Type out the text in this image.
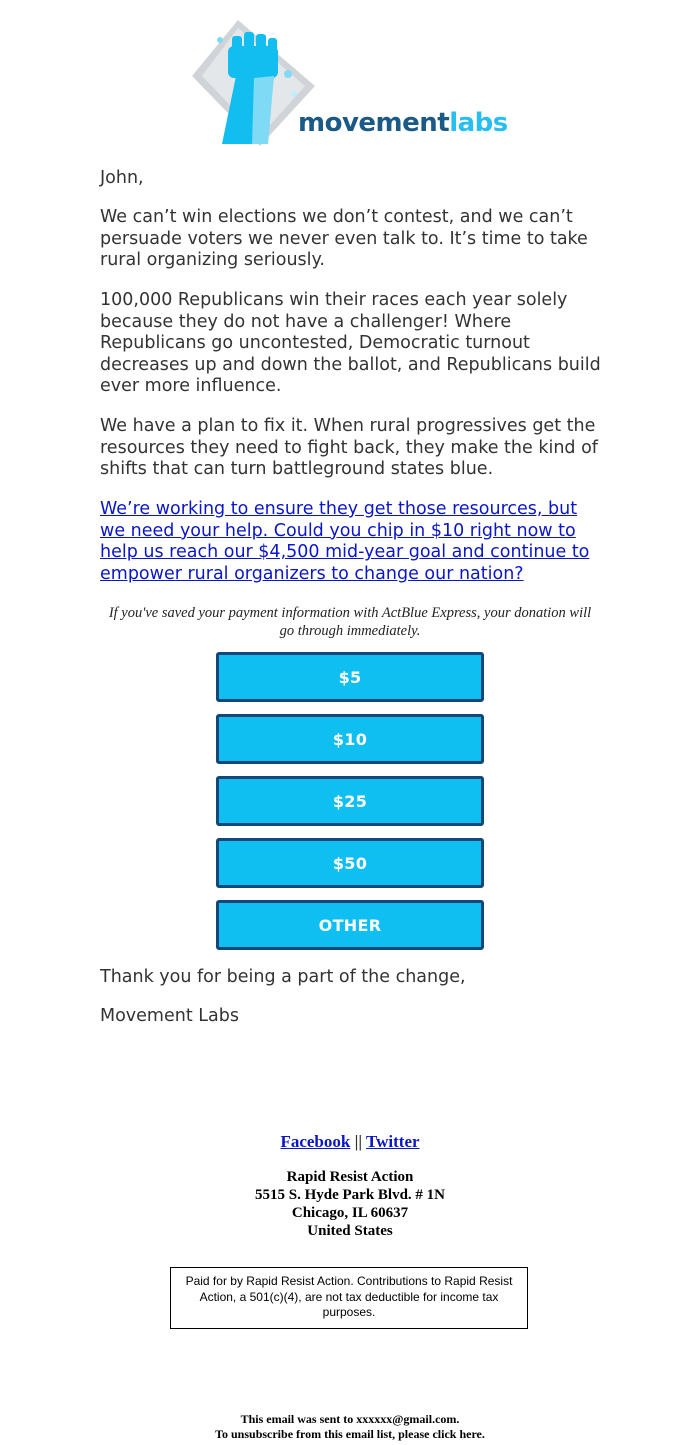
movementlabs

John,

We can’t win elections we don’t contest, and we can’t persuade voters we never even talk to. It’s time to take rural organizing seriously.

100,000 Republicans win their races each year solely because they do not have a challenger! Where Republicans go uncontested, Democratic turnout decreases up and down the ballot, and Republicans build ever more influence.

We have a plan to fix it. When rural progressives get the resources they need to fight back, they make the kind of shifts that can turn battleground states blue.

We’re working to ensure they get those resources, but we need your help. Could you chip in $10 right now to help us reach our $4,500 mid-year goal and continue to empower rural organizers to change our nation?

If you've saved your payment information with ActBlue Express, your donation will go through immediately.
$5
$10
$25
$50
OTHER

Thank you for being a part of the change,

Movement Labs

Facebook || Twitter
Rapid Resist Action
5515 S. Hyde Park Blvd. # 1N
Chicago, IL 60637
United States
Paid for by Rapid Resist Action. Contributions to Rapid Resist Action, a 501(c)(4), are not tax deductible for income tax purposes.
This email was sent to xxxxxx@gmail.com.
To unsubscribe from this email list, please click here.
